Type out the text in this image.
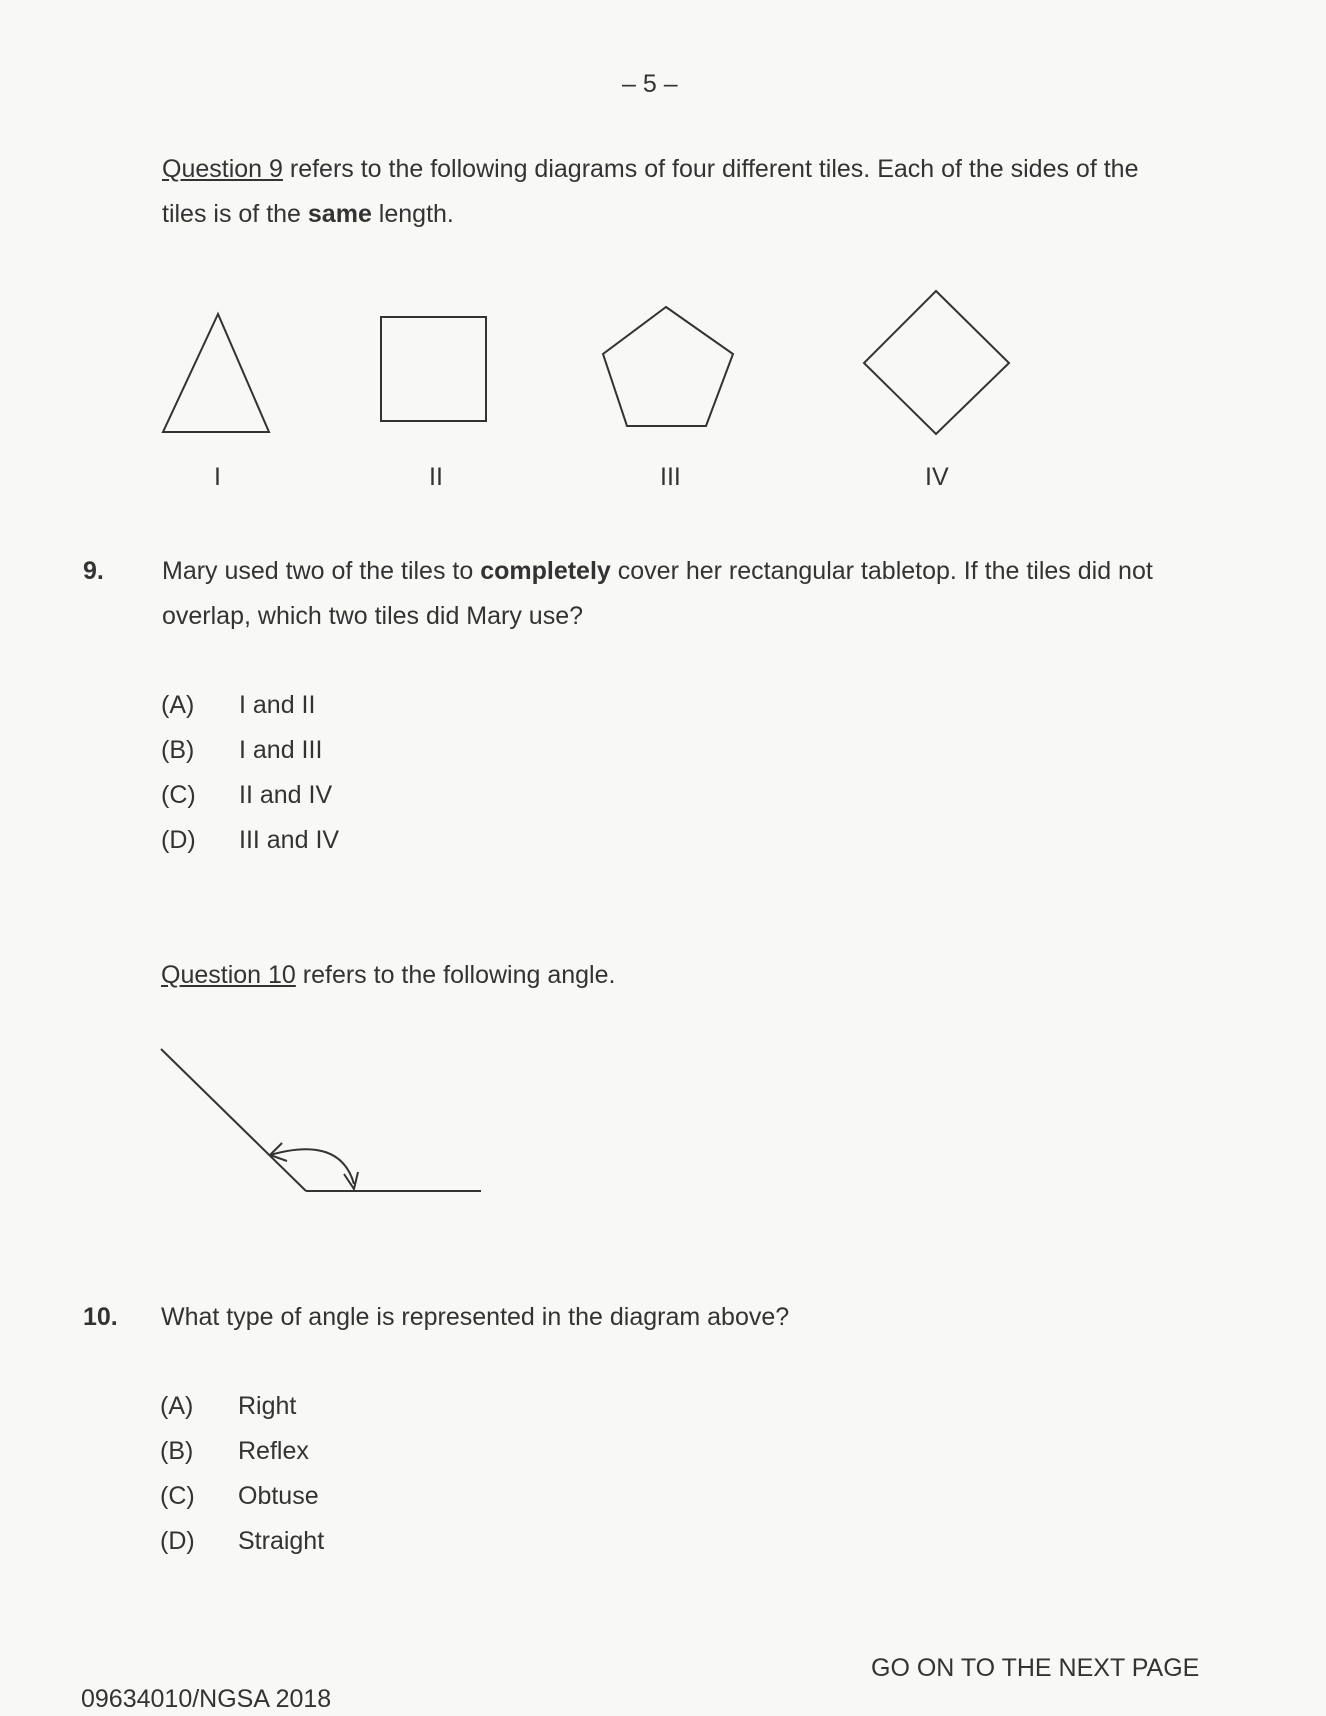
– 5 –
Question 9 refers to the following diagrams of four different tiles. Each of the sides of the
tiles is of the same length.
I	II	III	IV
9. Mary used two of the tiles to completely cover her rectangular tabletop. If the tiles did not
overlap, which two tiles did Mary use?
(A) I and II
(B) I and III
(C) II and IV
(D) III and IV
Question 10 refers to the following angle.
10. What type of angle is represented in the diagram above?
(A) Right
(B) Reflex
(C) Obtuse
(D) Straight
GO ON TO THE NEXT PAGE
09634010/NGSA 2018
